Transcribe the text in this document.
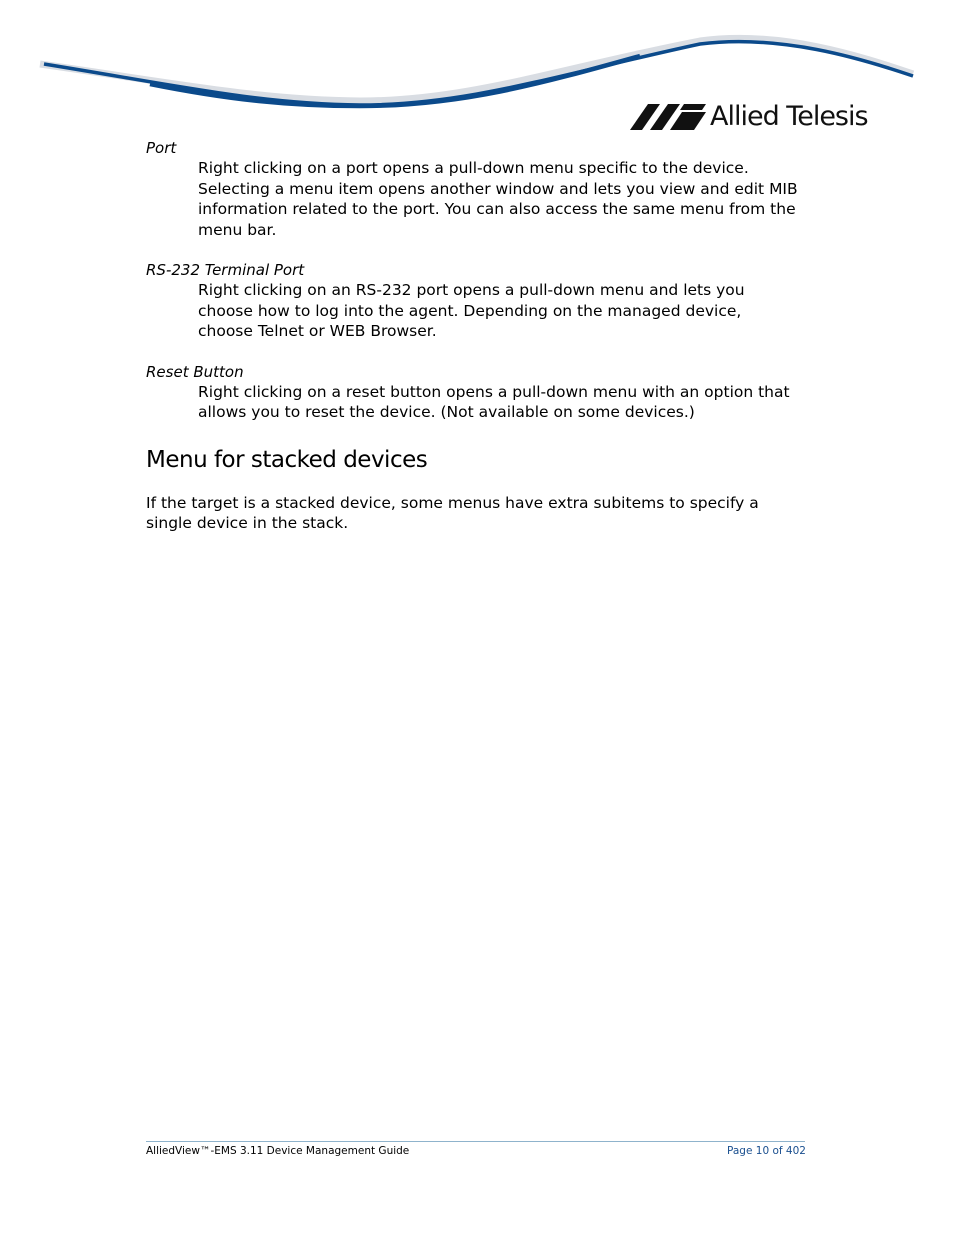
Allied Telesis

Port

Right clicking on a port opens a pull-down menu specific to the device. Selecting a menu item opens another window and lets you view and edit MIB information related to the port. You can also access the same menu from the menu bar.

RS-232 Terminal Port

Right clicking on an RS-232 port opens a pull-down menu and lets you choose how to log into the agent. Depending on the managed device, choose Telnet or WEB Browser.

Reset Button

Right clicking on a reset button opens a pull-down menu with an option that allows you to reset the device. (Not available on some devices.)

Menu for stacked devices

If the target is a stacked device, some menus have extra subitems to specify a single device in the stack.

AlliedView™-EMS 3.11 Device Management Guide	Page 10 of 402
